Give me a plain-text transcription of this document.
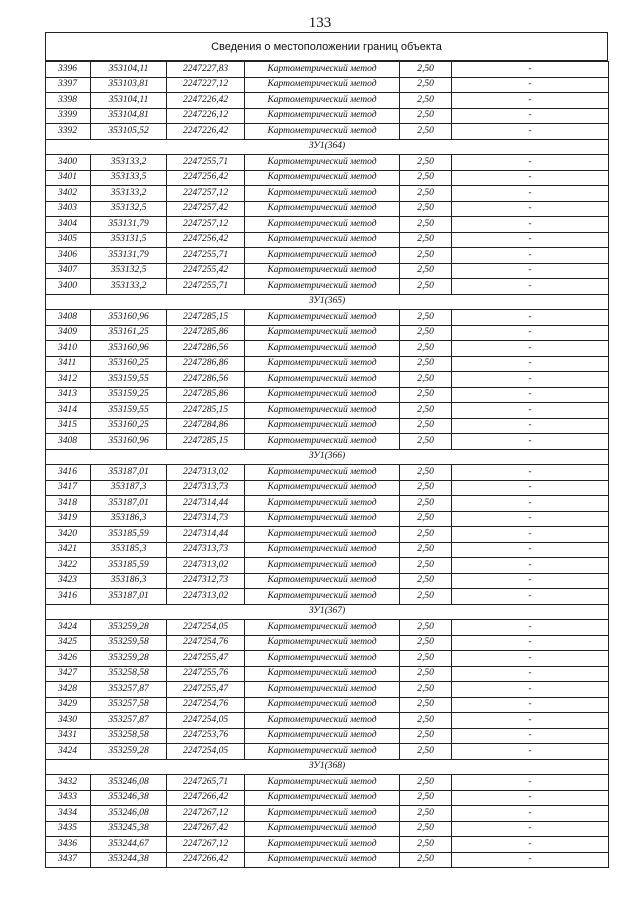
133
Сведения о местоположении границ объекта
3396	353104,11	2247227,83	Картометрический метод	2,50	-
3397	353103,81	2247227,12	Картометрический метод	2,50	-
3398	353104,11	2247226,42	Картометрический метод	2,50	-
3399	353104,81	2247226,12	Картометрический метод	2,50	-
3392	353105,52	2247226,42	Картометрический метод	2,50	-
ЗУ1(364)					
3400	353133,2	2247255,71	Картометрический метод	2,50	-
3401	353133,5	2247256,42	Картометрический метод	2,50	-
3402	353133,2	2247257,12	Картометрический метод	2,50	-
3403	353132,5	2247257,42	Картометрический метод	2,50	-
3404	353131,79	2247257,12	Картометрический метод	2,50	-
3405	353131,5	2247256,42	Картометрический метод	2,50	-
3406	353131,79	2247255,71	Картометрический метод	2,50	-
3407	353132,5	2247255,42	Картометрический метод	2,50	-
3400	353133,2	2247255,71	Картометрический метод	2,50	-
ЗУ1(365)					
3408	353160,96	2247285,15	Картометрический метод	2,50	-
3409	353161,25	2247285,86	Картометрический метод	2,50	-
3410	353160,96	2247286,56	Картометрический метод	2,50	-
3411	353160,25	2247286,86	Картометрический метод	2,50	-
3412	353159,55	2247286,56	Картометрический метод	2,50	-
3413	353159,25	2247285,86	Картометрический метод	2,50	-
3414	353159,55	2247285,15	Картометрический метод	2,50	-
3415	353160,25	2247284,86	Картометрический метод	2,50	-
3408	353160,96	2247285,15	Картометрический метод	2,50	-
ЗУ1(366)					
3416	353187,01	2247313,02	Картометрический метод	2,50	-
3417	353187,3	2247313,73	Картометрический метод	2,50	-
3418	353187,01	2247314,44	Картометрический метод	2,50	-
3419	353186,3	2247314,73	Картометрический метод	2,50	-
3420	353185,59	2247314,44	Картометрический метод	2,50	-
3421	353185,3	2247313,73	Картометрический метод	2,50	-
3422	353185,59	2247313,02	Картометрический метод	2,50	-
3423	353186,3	2247312,73	Картометрический метод	2,50	-
3416	353187,01	2247313,02	Картометрический метод	2,50	-
ЗУ1(367)					
3424	353259,28	2247254,05	Картометрический метод	2,50	-
3425	353259,58	2247254,76	Картометрический метод	2,50	-
3426	353259,28	2247255,47	Картометрический метод	2,50	-
3427	353258,58	2247255,76	Картометрический метод	2,50	-
3428	353257,87	2247255,47	Картометрический метод	2,50	-
3429	353257,58	2247254,76	Картометрический метод	2,50	-
3430	353257,87	2247254,05	Картометрический метод	2,50	-
3431	353258,58	2247253,76	Картометрический метод	2,50	-
3424	353259,28	2247254,05	Картометрический метод	2,50	-
ЗУ1(368)					
3432	353246,08	2247265,71	Картометрический метод	2,50	-
3433	353246,38	2247266,42	Картометрический метод	2,50	-
3434	353246,08	2247267,12	Картометрический метод	2,50	-
3435	353245,38	2247267,42	Картометрический метод	2,50	-
3436	353244,67	2247267,12	Картометрический метод	2,50	-
3437	353244,38	2247266,42	Картометрический метод	2,50	-
